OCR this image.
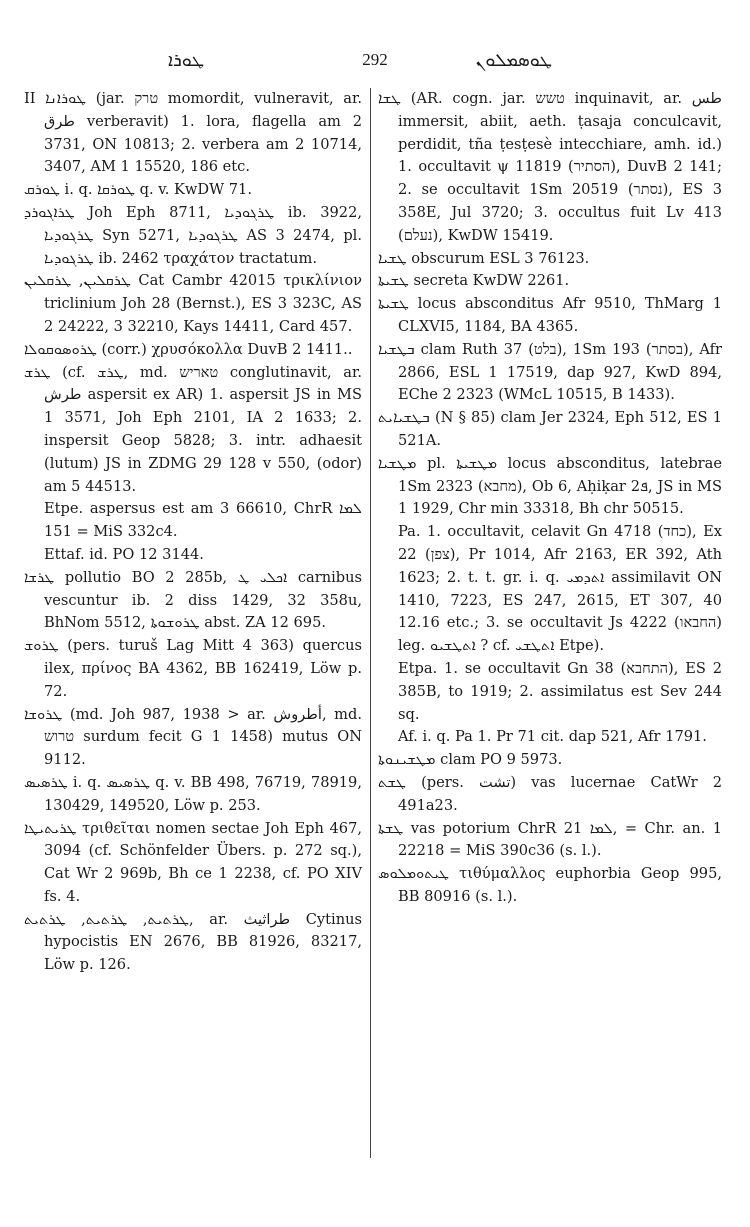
ܛܘܪܐ	292	ܛܘܣܡܠܘܢ

II ܛܘܪܐܢܐ (jar. טרק momordit, vulneravit, ar. طرق verberavit) 1. lora, flagella am 2 3731, ON 10813; 2. verbera am 2 10714, 3407, AM 1 15520, 186 etc.

ܛܘܪܩ i. q. ܛܘܪܩܐ q. v. KwDW 71.

ܛܪܐܓܘܪܕ Joh Eph 8711, ܛܪܓܘܕܝܐ ib. 3922, ܛܪܓܘܕܝܐ Syn 5271, ܛܪܓܘܕܝܐ AS 3 2474, pl. ܛܪܓܘܕܝܐ ib. 2462 τραχάτον tractatum.

ܛܪܩܠܝܢ, ܛܪܩܠܝܢ Cat Cambr 42015 τρικλίνιον triclinium Joh 28 (Bernst.), ES 3 323C, AS 2 24222, 3 32210, Kays 14411, Card 457.

ܛܪܘܣܘܩܘܠܐ (corr.) χρυσόκολλα DuvB 2 1411..

ܛܪܫ (cf. ܛܪܫ, md. טאריש conglutinavit, ar. طرش aspersit ex AR) 1. aspersit JS in MS 1 3571, Joh Eph 2101, IA 2 1633; 2. inspersit Geop 5828; 3. intr. adhaesit (lutum) JS in ZDMG 29 128 v 550, (odor) am 5 44513.

Etpe. aspersus est am 3 66610, ChrR ܠܡܐ 151 = MiS 332c4.

Ettaf. id. PO 12 3144.

ܛܪܫܐ pollutio BO 2 285b, ܐܟܠܝ ܛ carnibus vescuntur ib. 2 diss 1429, 32 358u, BhNom 5512, ܛܪܘܫܘܬܐ abst. ZA 12 695.

ܛܪܘܫ (pers. turuš Lag Mitt 4 363) quercus ilex, πρίνος BA 4362, BB 162419, Löw p. 72.

ܛܪܘܫܐ (md. Joh 987, 1938 > ar. أطروش, md. טרוש surdum fecit G 1 1458) mutus ON 9112.

ܛܪܣܝܣ i. q. ܛܪܣܝܣ q. v. BB 498, 76719, 78919, 130429, 149520, Löw p. 253.

ܛܪܝܬܝܛܐ τριθεῖται nomen sectae Joh Eph 467, 3094 (cf. Schönfelder Übers. p. 272 sq.), Cat Wr 2 969b, Bh ce 1 2238, cf. PO XIV fs. 4.

ܛܪܬܝܬ, ܛܪܬܝܬ, ܛܪܬܝܬ, ar. طراثيث Cytinus hypocistis EN 2676, BB 81926, 83217, Löw p. 126.

ܛܫܐ (AR. cogn. jar. טשש inquinavit, ar. طس immersit, abiit, aeth. ṭasaja conculcavit, perdidit, tña ṭesṭesè intecchiare, amh. id.) 1. occultavit ψ 11819 (הסתיר), DuvB 2 141; 2. se occultavit 1Sm 20519 (נסתר), ES 3 358E, Jul 3720; 3. occultus fuit Lv 413 (נעלם), KwDW 15419.

ܛܫܝܐ obscurum ESL 3 76123.

ܛܫܝܬܐ secreta KwDW 2261.

ܛܫܝܬܐ locus absconditus Afr 9510, ThMarg 1 CLXVI5, 1184, BA 4365.

ܒܛܫܝܐ clam Ruth 37 (בלט), 1Sm 193 (בסתר), Afr 2866, ESL 1 17519, dap 927, KwD 894, EChe 2 2323 (WMcL 10515, B 1433).

ܒܛܫܝܐܝܬ (N § 85) clam Jer 2324, Eph 512, ES 1 521A.

ܡܛܫܝܐ pl. ܡܛܫܝܬܐ locus absconditus, latebrae 1Sm 2323 (מחבא), Ob 6, Aḥiḳar ܦ2, JS in MS 1 1929, Chr min 33318, Bh chr 50515.

Pa. 1. occultavit, celavit Gn 4718 (כחד), Ex 22 (צפן), Pr 1014, Afr 2163, ER 392, Ath 1623; 2. t. t. gr. i. q. ܐܬܕܡܝ assimilavit ON 1410, 7223, ES 247, 2615, ET 307, 40 12.16 etc.; 3. se occultavit Js 4222 (החבאו) leg. ܐܬܛܫܝܘ ? cf. ܐܬܛܫܝ Etpe).

Etpa. 1. se occultavit Gn 38 (התחבא), ES 2 385B, to 1919; 2. assimilatus est Sev 244 sq.

Af. i. q. Pa 1. Pr 71 cit. dap 521, Afr 1791.

ܡܛܫܝܢܘܬܐ clam PO 9 5973.

ܛܫܬ (pers. تشت) vas lucernae CatWr 2 491a23.

ܛܫܬܐ vas potorium ChrR ܠܡܐ 21, = Chr. an. 1 22218 = MiS 390c36 (s. l.).

ܛܝܬܘܡܠܘܣ τιθύμαλλος euphorbia Geop 995, BB 80916 (s. l.).
